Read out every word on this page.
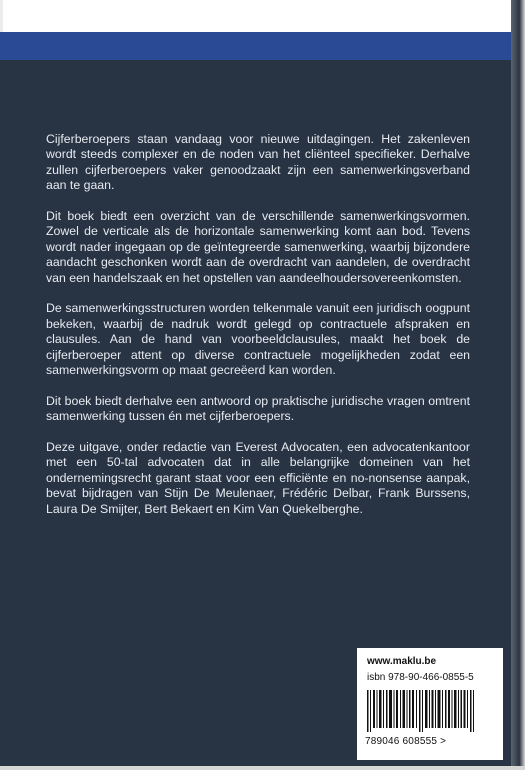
Cijferberoepers staan vandaag voor nieuwe uitdagingen. Het zakenleven wordt steeds complexer en de noden van het cliënteel specifieker. Derhalve zullen cijferberoepers vaker genoodzaakt zijn een samenwerkingsverband aan te gaan.

Dit boek biedt een overzicht van de verschillende samenwerkingsvormen. Zowel de verticale als de horizontale samenwerking komt aan bod. Tevens wordt nader ingegaan op de geïntegreerde samenwerking, waarbij bijzondere aandacht geschonken wordt aan de overdracht van aandelen, de overdracht van een handelszaak en het opstellen van aandeelhoudersovereenkomsten.

De samenwerkingsstructuren worden telkenmale vanuit een juridisch oogpunt bekeken, waarbij de nadruk wordt gelegd op contractuele afspraken en clausules. Aan de hand van voorbeeldclausules, maakt het boek de cijferberoeper attent op diverse contractuele mogelijkheden zodat een samenwerkingsvorm op maat gecreëerd kan worden.

Dit boek biedt derhalve een antwoord op praktische juridische vragen omtrent samenwerking tussen én met cijferberoepers.

Deze uitgave, onder redactie van Everest Advocaten, een advocatenkantoor met een 50-tal advocaten dat in alle belangrijke domeinen van het ondernemingsrecht garant staat voor een efficiënte en no-nonsense aanpak, bevat bijdragen van Stijn De Meulenaer, Frédéric Delbar, Frank Burssens, Laura De Smijter, Bert Bekaert en Kim Van Quekelberghe.

www.maklu.be
isbn 978-90-466-0855-5
789046 608555 >
